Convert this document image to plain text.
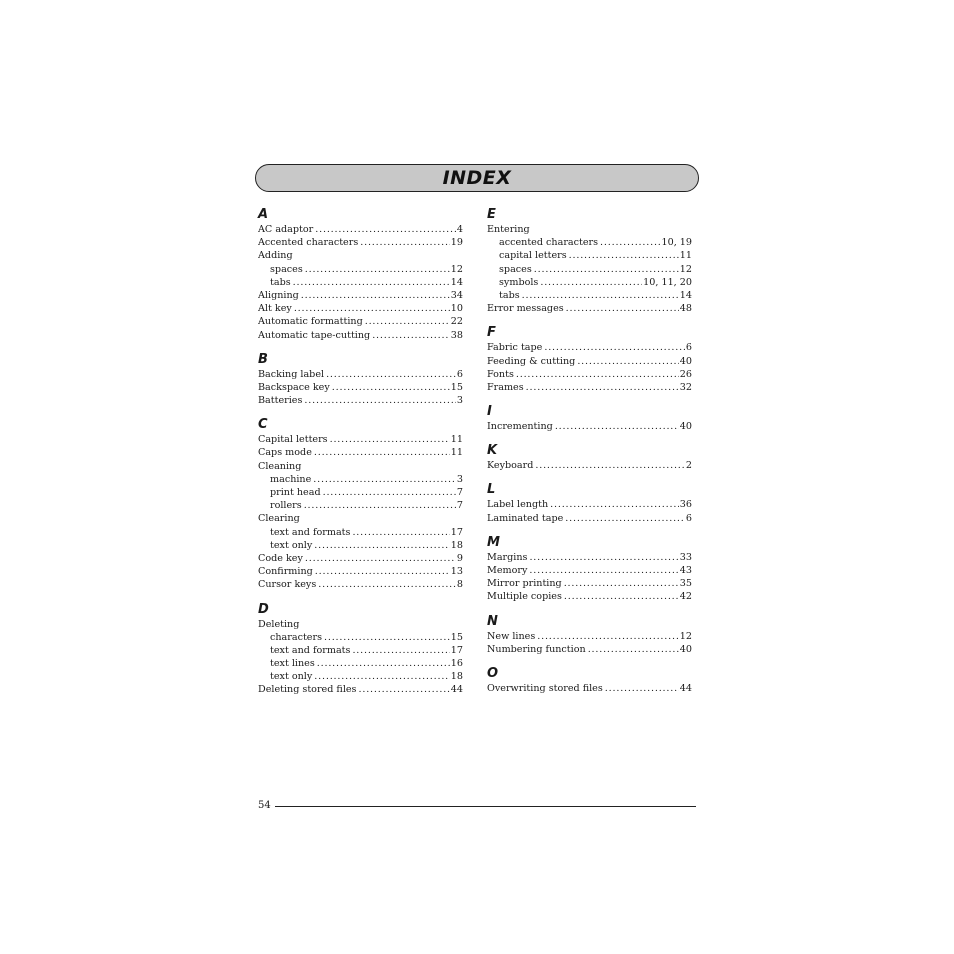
INDEX
A
AC adaptor .....	4
Accented characters .....	19
Adding
spaces .....	12
tabs .....	14
Aligning .....	34
Alt key .....	10
Automatic formatting .....	22
Automatic tape-cutting .....	38
B
Backing label .....	6
Backspace key .....	15
Batteries .....	3
C
Capital letters .....	11
Caps mode .....	11
Cleaning
machine .....	3
print head .....	7
rollers .....	7
Clearing
text and formats .....	17
text only .....	18
Code key .....	9
Confirming .....	13
Cursor keys .....	8
D
Deleting
characters .....	15
text and formats .....	17
text lines .....	16
text only .....	18
Deleting stored files .....	44
E
Entering
accented characters .....	10, 19
capital letters .....	11
spaces .....	12
symbols .....	10, 11, 20
tabs .....	14
Error messages .....	48
F
Fabric tape .....	6
Feeding & cutting .....	40
Fonts .....	26
Frames .....	32
I
Incrementing .....	40
K
Keyboard .....	2
L
Label length .....	36
Laminated tape .....	6
M
Margins .....	33
Memory .....	43
Mirror printing .....	35
Multiple copies .....	42
N
New lines .....	12
Numbering function .....	40
O
Overwriting stored files .....	44
54
